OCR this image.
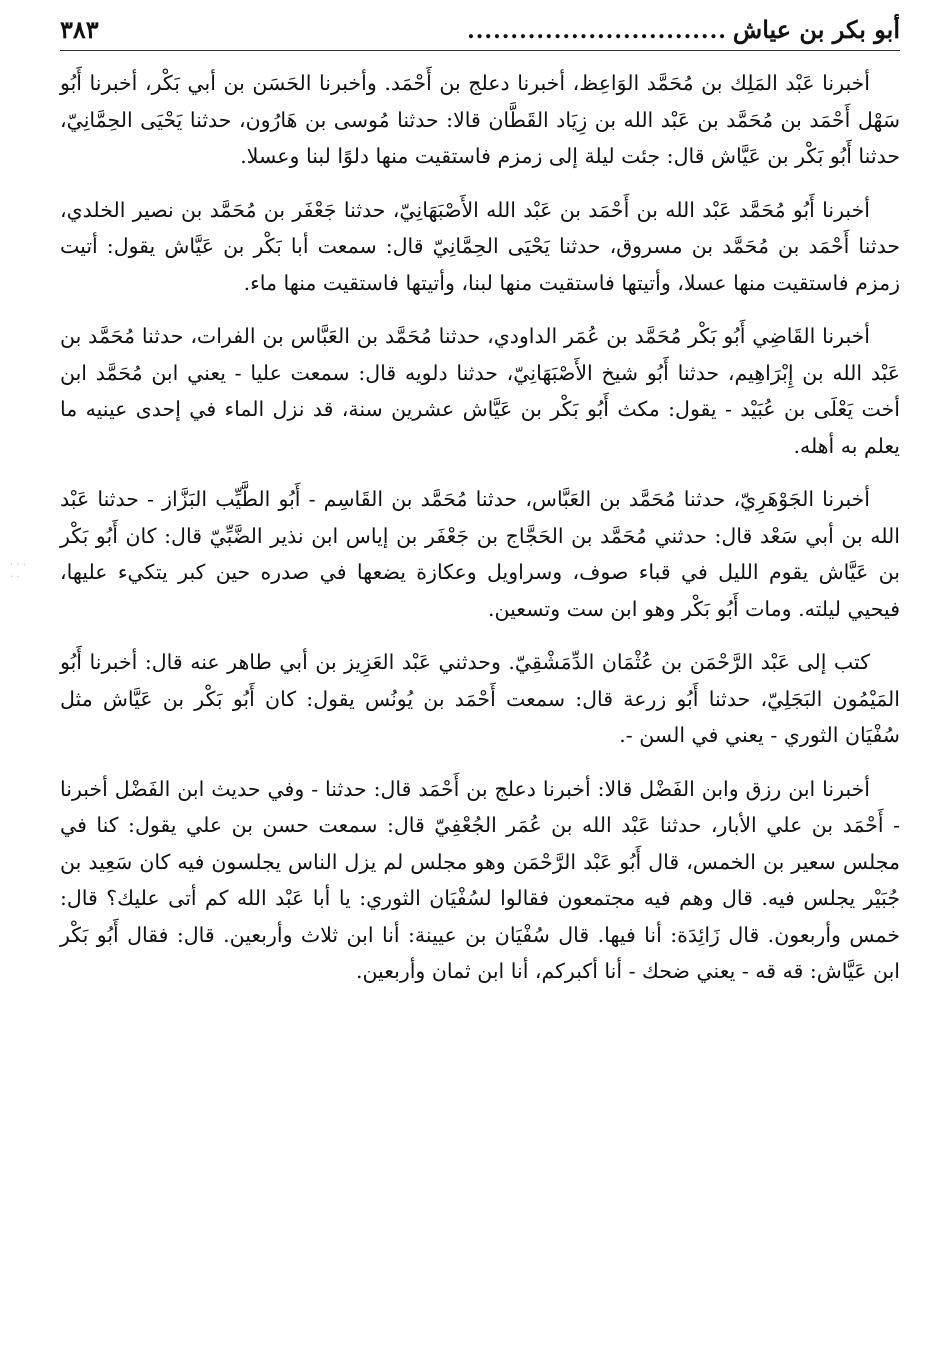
· · ·
· ·
أبو بكر بن عياش
..............................
٣٨٣

أخبرنا عَبْد المَلِك بن مُحَمَّد الوَاعِظ، أخبرنا دعلج بن أَحْمَد. وأخبرنا الحَسَن بن أبي بَكْر، أخبرنا أَبُو سَهْل أَحْمَد بن مُحَمَّد بن عَبْد الله بن زِيَاد القَطَّان قالا: حدثنا مُوسى بن هَارُون، حدثنا يَحْيَى الحِمَّانِيّ، حدثنا أَبُو بَكْر بن عَيَّاش قال: جئت ليلة إلى زمزم فاستقيت منها دلوًا لبنا وعسلا.

أخبرنا أَبُو مُحَمَّد عَبْد الله بن أَحْمَد بن عَبْد الله الأَصْبَهَانِيّ، حدثنا جَعْفَر بن مُحَمَّد بن نصير الخلدي، حدثنا أَحْمَد بن مُحَمَّد بن مسروق، حدثنا يَحْيَى الحِمَّانِيّ قال: سمعت أبا بَكْر بن عَيَّاش يقول: أتيت زمزم فاستقيت منها عسلا، وأتيتها فاستقيت منها لبنا، وأتيتها فاستقيت منها ماء.

أخبرنا القَاضِي أَبُو بَكْر مُحَمَّد بن عُمَر الداودي، حدثنا مُحَمَّد بن العَبَّاس بن الفرات، حدثنا مُحَمَّد بن عَبْد الله بن إِبْرَاهِيم، حدثنا أَبُو شيخ الأَصْبَهَانِيّ، حدثنا دلويه قال: سمعت عليا - يعني ابن مُحَمَّد ابن أخت يَعْلَى بن عُبَيْد - يقول: مكث أَبُو بَكْر بن عَيَّاش عشرين سنة، قد نزل الماء في إحدى عينيه ما يعلم به أهله.

أخبرنا الجَوْهَرِيّ، حدثنا مُحَمَّد بن العَبَّاس، حدثنا مُحَمَّد بن القَاسِم - أَبُو الطَّيِّب البَزَّاز - حدثنا عَبْد الله بن أبي سَعْد قال: حدثني مُحَمَّد بن الحَجَّاج بن جَعْفَر بن إياس ابن نذير الضَّبِّيّ قال: كان أَبُو بَكْر بن عَيَّاش يقوم الليل في قباء صوف، وسراويل وعكازة يضعها في صدره حين كبر يتكيء عليها، فيحيي ليلته. ومات أَبُو بَكْر وهو ابن ست وتسعين.

كتب إلى عَبْد الرَّحْمَن بن عُثْمَان الدِّمَشْقِيّ. وحدثني عَبْد العَزِيز بن أبي طاهر عنه قال: أخبرنا أَبُو المَيْمُون البَجَلِيّ، حدثنا أَبُو زرعة قال: سمعت أَحْمَد بن يُونُس يقول: كان أَبُو بَكْر بن عَيَّاش مثل سُفْيَان الثوري - يعني في السن -.

أخبرنا ابن رزق وابن الفَضْل قالا: أخبرنا دعلج بن أَحْمَد قال: حدثنا - وفي حديث ابن الفَضْل أخبرنا - أَحْمَد بن علي الأبار، حدثنا عَبْد الله بن عُمَر الجُعْفِيّ قال: سمعت حسن بن علي يقول: كنا في مجلس سعير بن الخمس، قال أَبُو عَبْد الرَّحْمَن وهو مجلس لم يزل الناس يجلسون فيه كان سَعِيد بن جُبَيْر يجلس فيه. قال وهم فيه مجتمعون فقالوا لسُفْيَان الثوري: يا أبا عَبْد الله كم أتى عليك؟ قال: خمس وأربعون. قال زَائِدَة: أنا فيها. قال سُفْيَان بن عيينة: أنا ابن ثلاث وأربعين. قال: فقال أَبُو بَكْر ابن عَيَّاش: قه قه - يعني ضحك - أنا أكبركم، أنا ابن ثمان وأربعين.
